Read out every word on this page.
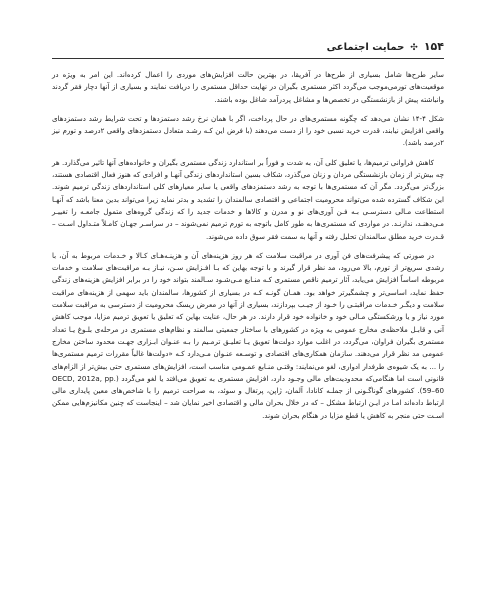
۱۵۴
✣
حمایت اجتماعی

سایر طرح‌ها شامل بسیاری از طرح‌ها در آفریقا، در بهترین حالت افزایش‌های موردی را اعمال کرده‌اند. این امر به ویژه در موقعیت‌های تورمی‌موجب می‌گردد اکثر مستمری بگیران در نهایت حداقل مستمری را دریافت نمایند و بسیاری از آنها دچار فقر گردند وانباشته پیش از بازنشستگی در تخصص‌ها و مشاغل پردرآمد شاغل بوده باشند.

شکل ۴-۱۴ نشان می‌دهد که چگونه مستمری‌های در حال پرداخت، اگر با همان نرخ رشد دستمزدها و تحت شرایط رشد دستمزدهای واقعی افزایش نیابند، قدرت خرید نسبی خود را از دست می‌دهند (با فرض این کـه رشـد متعادل دستمزدهای واقعی ۲درصد و تورم نیز ۲درصد باشد).

کاهش فراوانی ترمیم‌ها، یا تعلیق کلی آن، به شدت و فوراً بر استاندارد زندگی مستمری بگیران و خانواده‌های آنها تاثیر می‌گذارد. هر چه بیش‌تر از زمان بازنشستگی مردان و زنان می‌گذرد، شکاف بسین استانداردهای زندگی آنهـا و افرادی که هنوز فعال اقتصادی هستند، بزرگ‌تر می‌گردد. مگر آن که مستمری‌ها با توجه به رشد دستمزدهای واقعی یا سایر معیارهای کلی استانداردهای زندگی ترمیم شوند. این شکاف گسترده شده می‌تواند محرومیت اجتماعی و اقتصادی سالمندان را تشدید و بدتر نماید زیرا می‌تواند بدین معنا باشد که آنهـا استطاعت مـالی دسترسـی بـه فـن آوری‌های نو و مدرن و کالاها و خدمات جدید را که زندگی گروه‌های متمول جامعـه را تغییـر مـی‌دهنـد، ندارنـد. در مواردی که مستمری‌ها به طور کامل باتوجه به تورم ترمیم نمی‌شوند – در سراسـر جهـان کامـلاً متـداول اسـت – قـدرت خرید مطلق سالمندان تحلیل رفته و آنها به سمت فقر سوق داده می‌شوند.

در صورتی که پیشرفت‌های فن آوری در مراقبت سلامت که هر روز هزینه‌های آن و هزینـه‌هـای کـالا و خـدمات مربوط به آن، با رشدی سریع‌تر از تورم، بالا می‌رود، مد نظر قرار گیرند و با توجه بهاین که بـا افـزایش سـن، نیـاز بـه مراقبت‌های سلامت و خدمات مربوطه اساساً افزایش می‌یابد، آثار ترمیم ناقص مستمری کـه منـابع مـی‌شـود سـالمند بتواند خود را در برابر افزایش هزینه‌های زندگی حفظ نماید، اساسی‌تر و چشمگیرتر خواهد بود. همـان گونـه کـه در بسیاری از کشورها، سالمندان باید سهمی از هزینه‌های مراقبت سلامت و دیگـر خـدمات مراقبتـی را خـود از جیـب بپردازند، بسیاری از آنها در معرض ریسک محرومیت از دسترسی به مراقبت سلامت مورد نیاز و یا ورشکستگی مـالی خود و خانواده خود قرار دارند. در هر حال، عنایت بهاین که تعلیق یا تعویق ترمیم مزایا، موجب کاهش آنی و قابـل ملاحظه‌ی مخارج عمومی به ویژه در کشورهای با ساختار جمعیتی سالمند و نظام‌های مستمری در مرحله‌ی بلـوغ یـا تعداد مستمری بگیران فراوان، می‌گردد، در اغلب موارد دولت‌ها تعویق یـا تعلیـق ترمـیم را بـه عنـوان ابـزاری جهـت محدود ساختن مخارج عمومی مد نظر قرار می‌دهند. سازمان همکاری‌های اقتصادی و توسـعه عنـوان مـی‌دارد کـه «دولت‌ها غالباً مقررات ترمیم مستمری‌ها را ... به یک شیوه‌ی طرفدار ادواری، لغو می‌نمایند: وقتـی منـابع عمـومی مناسب است، افزایش‌های مستمری حتی بیش‌تر از الزام‌های قانونی است اما هنگامی‌که محدودیت‌های مالی وجـود دارد، افزایش مستمری به تعویق می‌افتد یا لغو می‌گردد (OECD, 2012a, pp. 59–60). کشورهای گوناگـونی از جملـه کانادا، آلمان، ژاپن، پرتغال و سوئد، به صراحت ترمیم را با شاخص‌های معین پایداری مالی ارتباط داده‌اند امـا در ایـن ارتباط مشکل – که در خلال بحران مالی و اقتصادی اخیر نمایان شد – اینجاست که چنین مکانیزم‌هایی ممکن اسـت حتی منجر به کاهش یا قطع مزایا در هنگام بحران شوند.
